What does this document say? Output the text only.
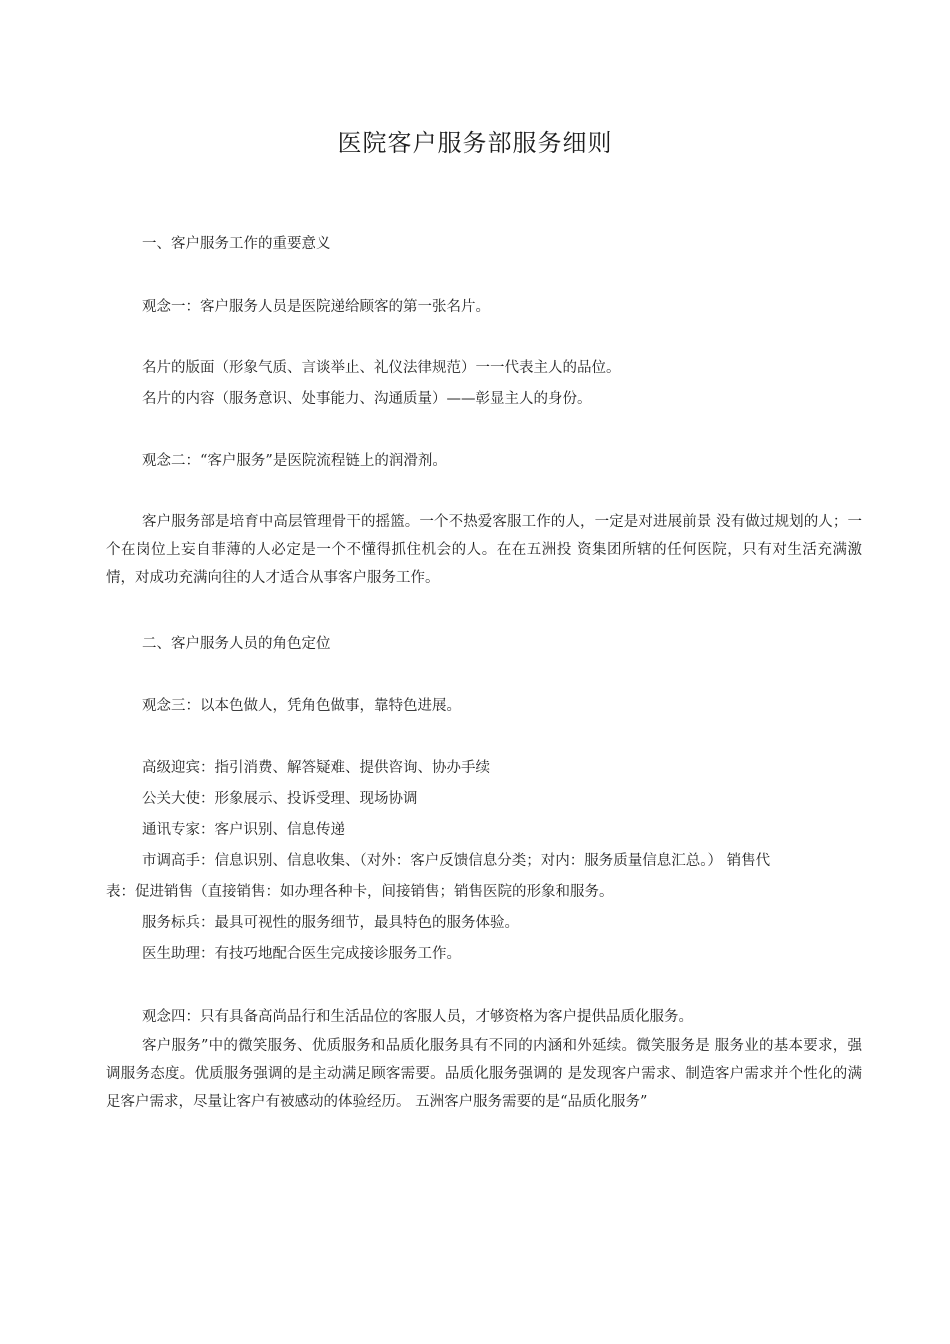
医院客户服务部服务细则
一、客户服务工作的重要意义
观念一：客户服务人员是医院递给顾客的第一张名片。
名片的版面（形象气质、言谈举止、礼仪法律规范）一一代表主人的品位。
名片的内容（服务意识、处事能力、沟通质量）——彰显主人的身份。
观念二：“客户服务”是医院流程链上的润滑剂。
客户服务部是培育中高层管理骨干的摇篮。一个不热爱客服工作的人，一定是对进展前景 没有做过规划的人；一个在岗位上妄自菲薄的人必定是一个不懂得抓住机会的人。在在五洲投 资集团所辖的任何医院，只有对生活充满激情，对成功充满向往的人才适合从事客户服务工作。
二、客户服务人员的角色定位
观念三：以本色做人，凭角色做事，靠特色进展。
高级迎宾：指引消费、解答疑难、提供咨询、协办手续
公关大使：形象展示、投诉受理、现场协调
通讯专家：客户识别、信息传递
市调高手：信息识别、信息收集、（对外：客户反馈信息分类；对内：服务质量信息汇总。） 销售代
表：促进销售（直接销售：如办理各种卡，间接销售；销售医院的形象和服务。
服务标兵：最具可视性的服务细节，最具特色的服务体验。
医生助理：有技巧地配合医生完成接诊服务工作。
观念四：只有具备高尚品行和生活品位的客服人员，才够资格为客户提供品质化服务。
客户服务”中的微笑服务、优质服务和品质化服务具有不同的内涵和外延续。微笑服务是 服务业的基本要求，强调服务态度。优质服务强调的是主动满足顾客需要。品质化服务强调的 是发现客户需求、制造客户需求并个性化的满足客户需求，尽量让客户有被感动的体验经历。 五洲客户服务需要的是“品质化服务”
